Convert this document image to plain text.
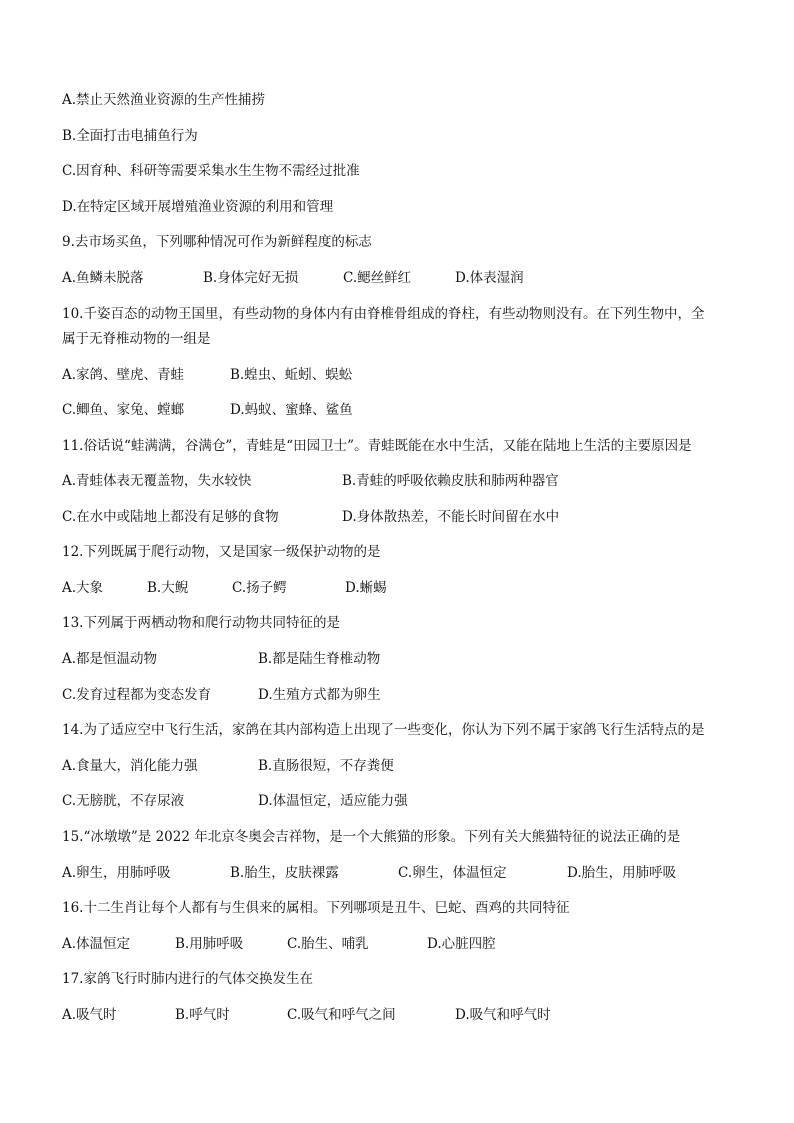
A.禁止天然渔业资源的生产性捕捞
B.全面打击电捕鱼行为
C.因育种、科研等需要采集水生生物不需经过批准
D.在特定区域开展增殖渔业资源的利用和管理
9.去市场买鱼，下列哪种情况可作为新鲜程度的标志
A.鱼鳞未脱落	B.身体完好无损	C.鳃丝鲜红	D.体表湿润
10.千姿百态的动物王国里，有些动物的身体内有由脊椎骨组成的脊柱，有些动物则没有。在下列生物中，全
属于无脊椎动物的一组是
A.家鸽、壁虎、青蛙	B.蝗虫、蚯蚓、蜈蚣
C.鲫鱼、家兔、螳螂	D.蚂蚁、蜜蜂、鲨鱼
11.俗话说“蛙满满，谷满仓”，青蛙是“田园卫士”。青蛙既能在水中生活，又能在陆地上生活的主要原因是
A.青蛙体表无覆盖物，失水较快	B.青蛙的呼吸依赖皮肤和肺两种器官
C.在水中或陆地上都没有足够的食物	D.身体散热差，不能长时间留在水中
12.下列既属于爬行动物，又是国家一级保护动物的是
A.大象	B.大鲵	C.扬子鳄	D.蜥蜴
13.下列属于两栖动物和爬行动物共同特征的是
A.都是恒温动物	B.都是陆生脊椎动物
C.发育过程都为变态发育	D.生殖方式都为卵生
14.为了适应空中飞行生活，家鸽在其内部构造上出现了一些变化，你认为下列不属于家鸽飞行生活特点的是
A.食量大，消化能力强	B.直肠很短，不存粪便
C.无膀胱，不存尿液	D.体温恒定，适应能力强
15.“冰墩墩”是 2022 年北京冬奥会吉祥物，是一个大熊猫的形象。下列有关大熊猫特征的说法正确的是
A.卵生，用肺呼吸	B.胎生，皮肤裸露	C.卵生，体温恒定	D.胎生，用肺呼吸
16.十二生肖让每个人都有与生俱来的属相。下列哪项是丑牛、巳蛇、酉鸡的共同特征
A.体温恒定	B.用肺呼吸	C.胎生、哺乳	D.心脏四腔
17.家鸽飞行时肺内进行的气体交换发生在
A.吸气时	B.呼气时	C.吸气和呼气之间	D.吸气和呼气时
